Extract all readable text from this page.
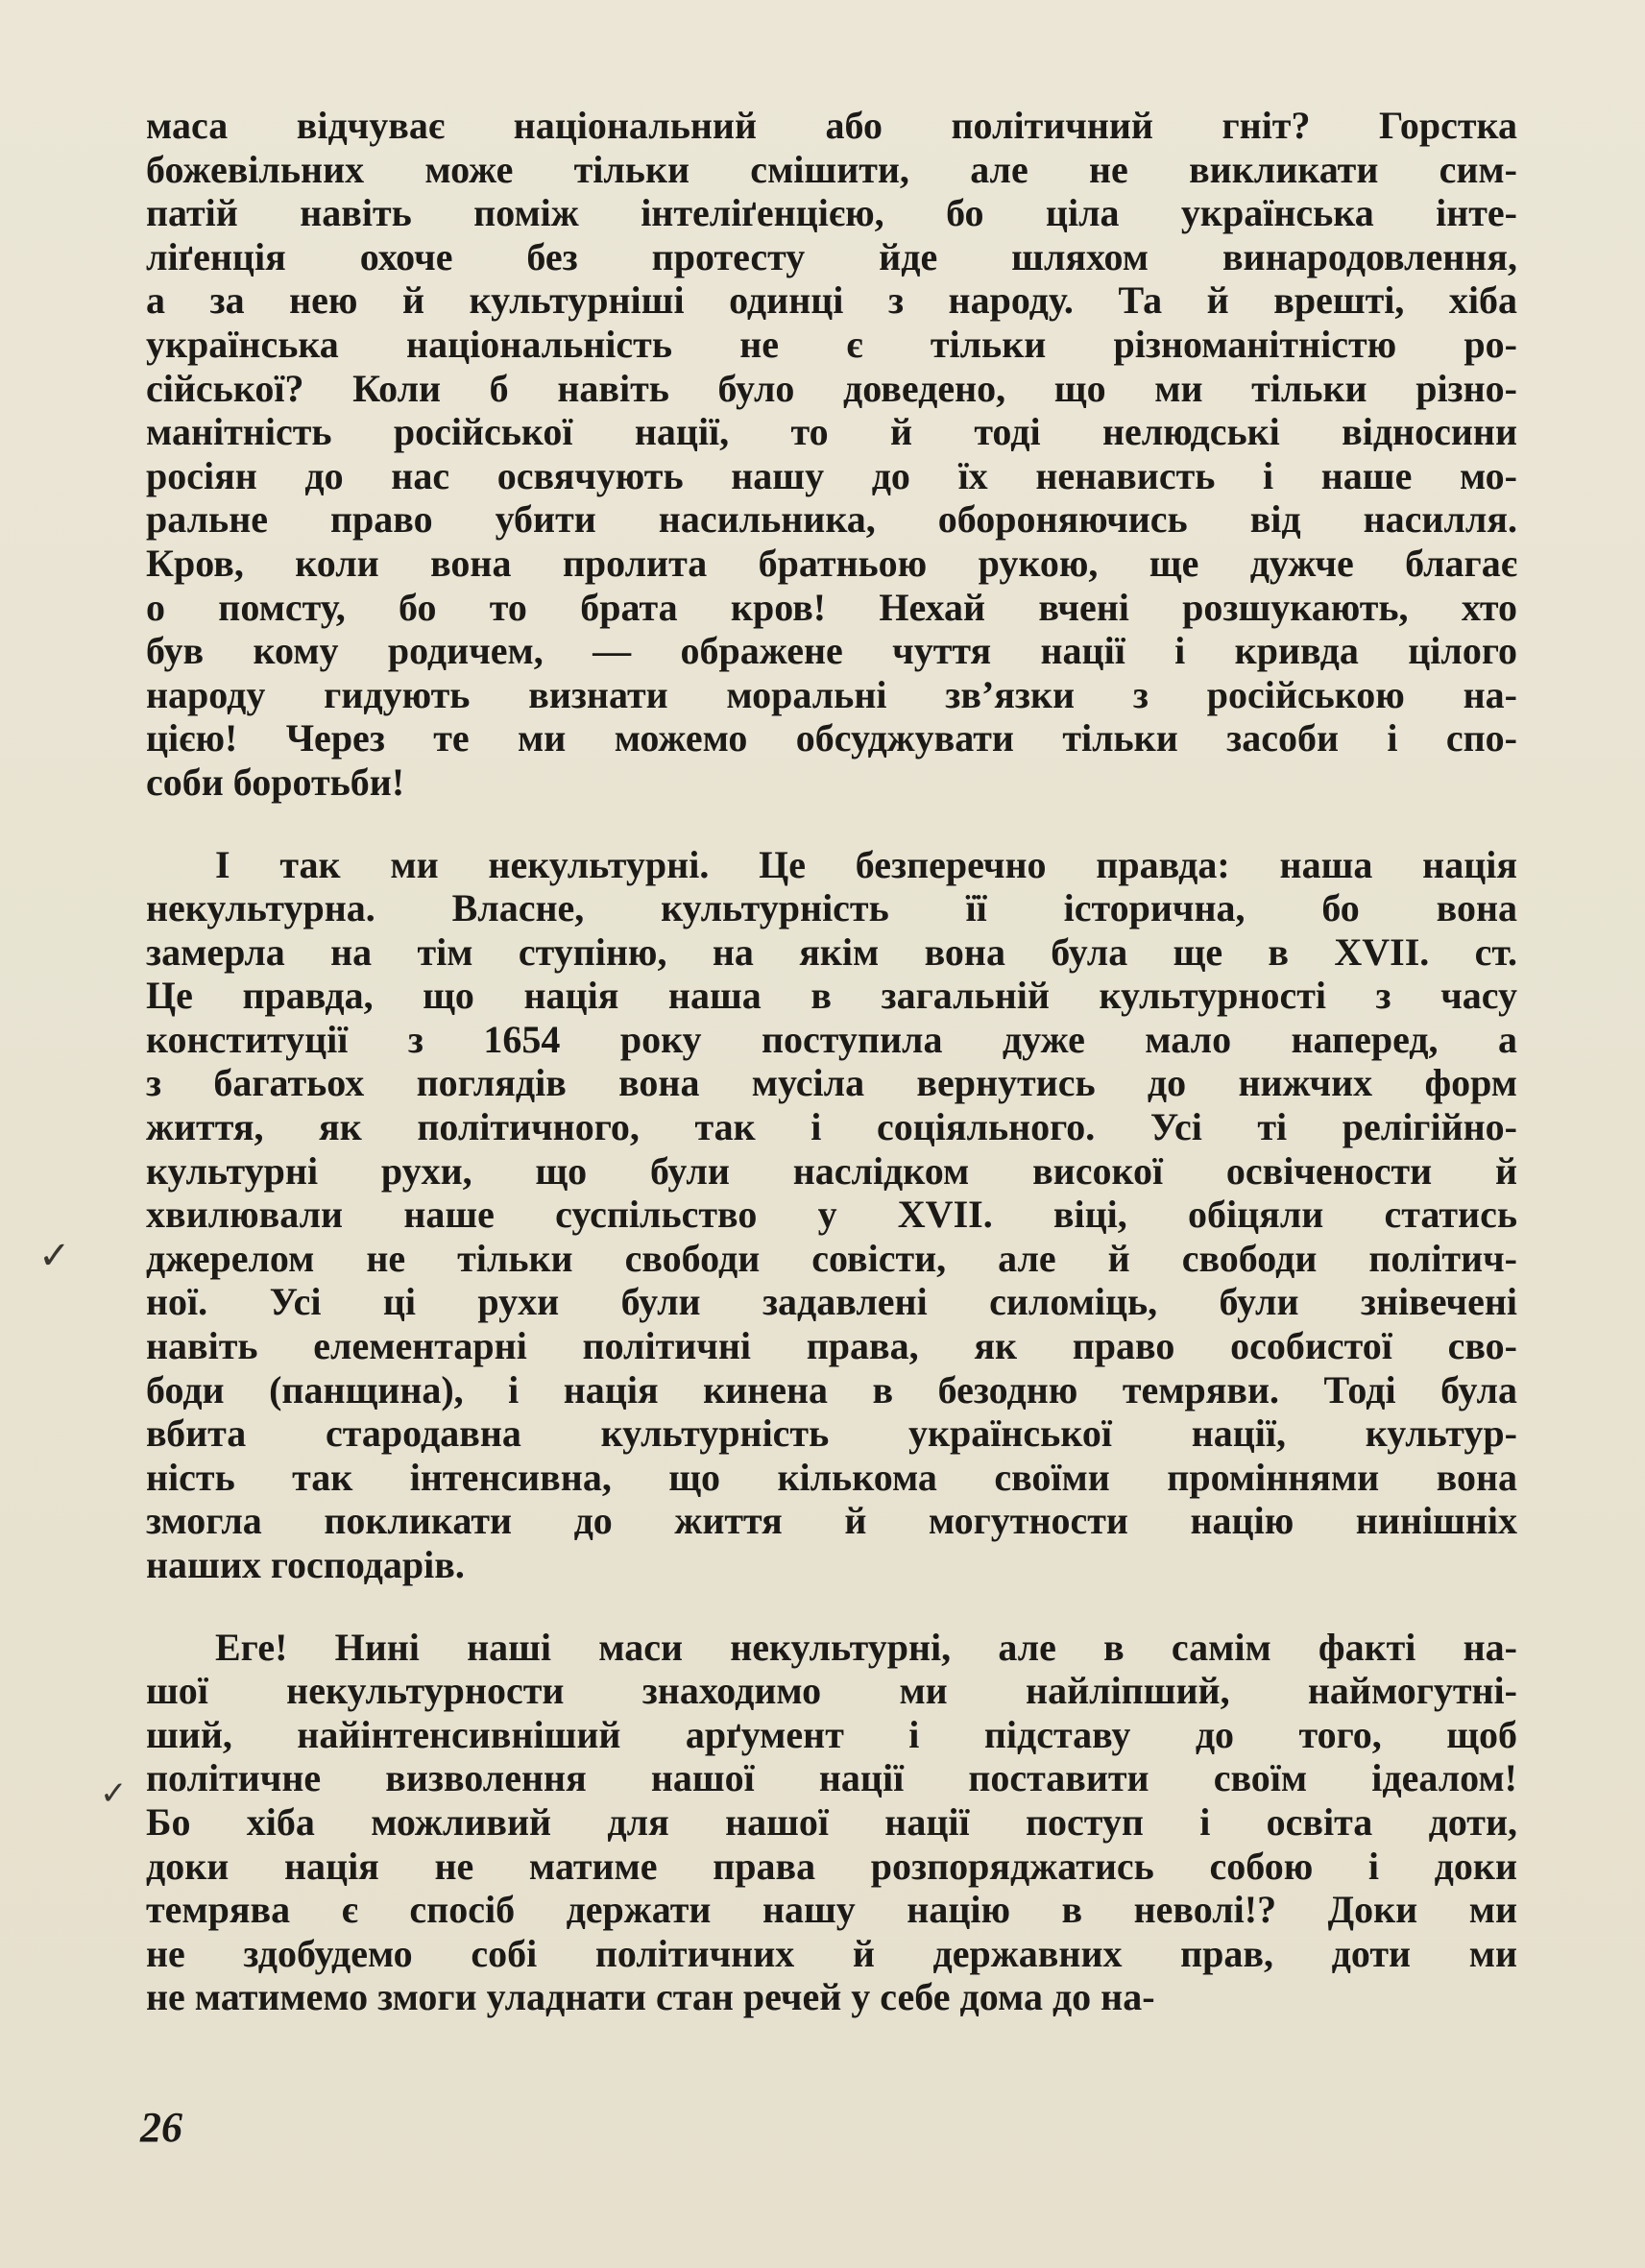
маса відчуває національний або політичний гніт? Горстка
божевільних може тільки смішити, але не викликати сим-
патій навіть поміж інтеліґенцією, бо ціла українська інте-
ліґенція охоче без протесту йде шляхом винародовлення,
а за нею й культурніші одинці з народу. Та й врешті, хіба
українська національність не є тільки різноманітністю ро-
сійської? Коли б навіть було доведено, що ми тільки різно-
манітність російської нації, то й тоді нелюдські відносини
росіян до нас освячують нашу до їх ненависть і наше мо-
ральне право убити насильника, обороняючись від насилля.
Кров, коли вона пролита братньою рукою, ще дужче благає
о помсту, бо то брата кров! Нехай вчені розшукають, хто
був кому родичем, — ображене чуття нації і кривда цілого
народу гидують визнати моральні зв’язки з російською на-
цією! Через те ми можемо обсуджувати тільки засоби і спо-
соби боротьби!
І так ми некультурні. Це безперечно правда: наша нація
некультурна. Власне, культурність її історична, бо вона
замерла на тім ступіню, на якім вона була ще в XVII. ст.
Це правда, що нація наша в загальній культурності з часу
конституції з 1654 року поступила дуже мало наперед, а
з багатьох поглядів вона мусіла вернутись до нижчих форм
життя, як політичного, так і соціяльного. Усі ті релігійно-
культурні рухи, що були наслідком високої освічености й
хвилювали наше суспільство у XVII. віці, обіцяли статись
джерелом не тільки свободи совісти, але й свободи політич-
ної. Усі ці рухи були задавлені силоміць, були знівечені
навіть елементарні політичні права, як право особистої сво-
боди (панщина), і нація кинена в безодню темряви. Тоді була
вбита стародавна культурність української нації, культур-
ність так інтенсивна, що кількома своїми проміннями вона
змогла покликати до життя й могутности націю нинішніх
наших господарів.
Еге! Нині наші маси некультурні, але в самім факті на-
шої некультурности знаходимо ми найліпший, наймогутні-
ший, найінтенсивніший арґумент і підставу до того, щоб
політичне визволення нашої нації поставити своїм ідеалом!
Бо хіба можливий для нашої нації поступ і освіта доти,
доки нація не матиме права розпоряджатись собою і доки
темрява є спосіб держати нашу націю в неволі!? Доки ми
не здобудемо собі політичних й державних прав, доти ми
не матимемо змоги уладнати стан речей у себе дома до на-
✓
✓
26
